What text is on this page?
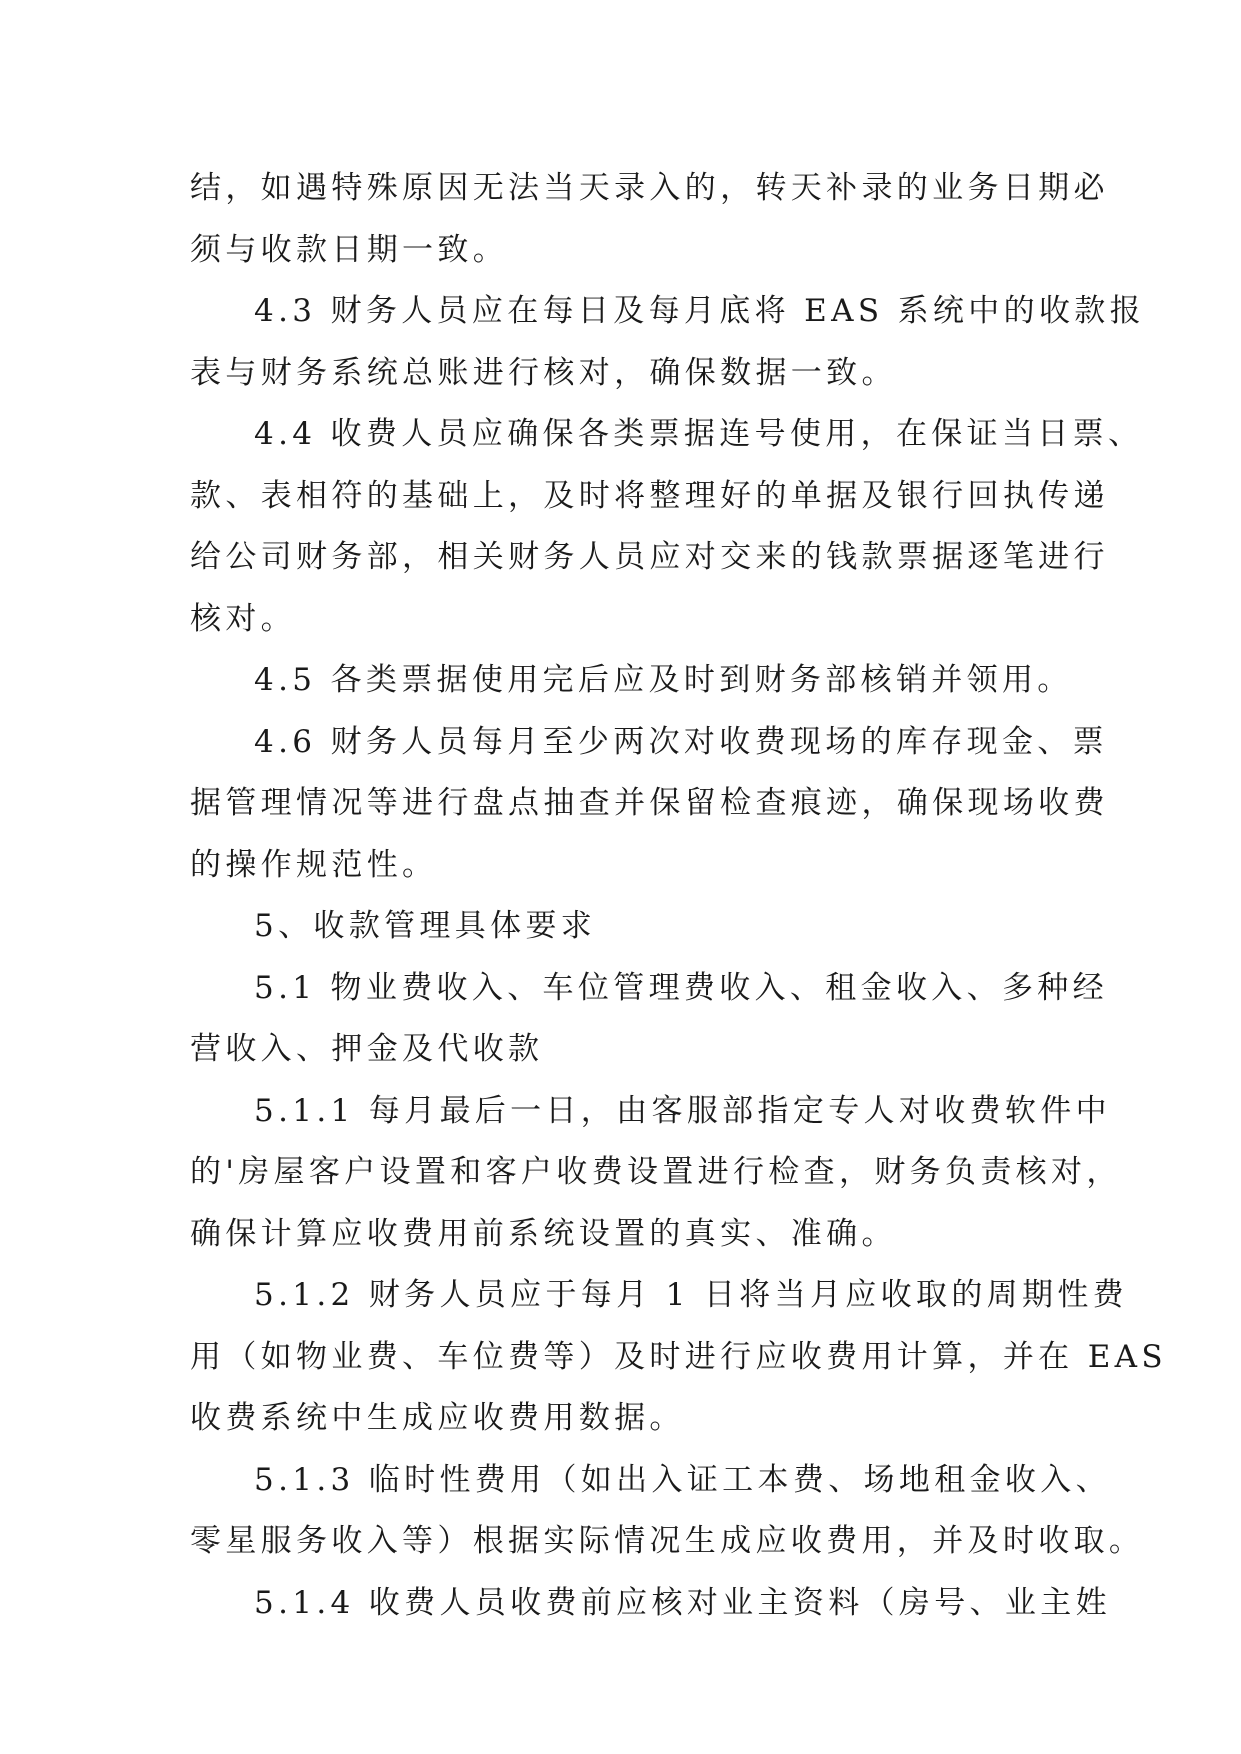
结，如遇特殊原因无法当天录入的，转天补录的业务日期必
须与收款日期一致。
4.3 财务人员应在每日及每月底将 EAS 系统中的收款报
表与财务系统总账进行核对，确保数据一致。
4.4 收费人员应确保各类票据连号使用，在保证当日票、
款、表相符的基础上，及时将整理好的单据及银行回执传递
给公司财务部，相关财务人员应对交来的钱款票据逐笔进行
核对。
4.5 各类票据使用完后应及时到财务部核销并领用。
4.6 财务人员每月至少两次对收费现场的库存现金、票
据管理情况等进行盘点抽查并保留检查痕迹，确保现场收费
的操作规范性。
5、收款管理具体要求
5.1 物业费收入、车位管理费收入、租金收入、多种经
营收入、押金及代收款
5.1.1 每月最后一日，由客服部指定专人对收费软件中
的'房屋客户设置和客户收费设置进行检查，财务负责核对，
确保计算应收费用前系统设置的真实、准确。
5.1.2 财务人员应于每月 1 日将当月应收取的周期性费
用（如物业费、车位费等）及时进行应收费用计算，并在 EAS
收费系统中生成应收费用数据。
5.1.3 临时性费用（如出入证工本费、场地租金收入、
零星服务收入等）根据实际情况生成应收费用，并及时收取。
5.1.4 收费人员收费前应核对业主资料（房号、业主姓
